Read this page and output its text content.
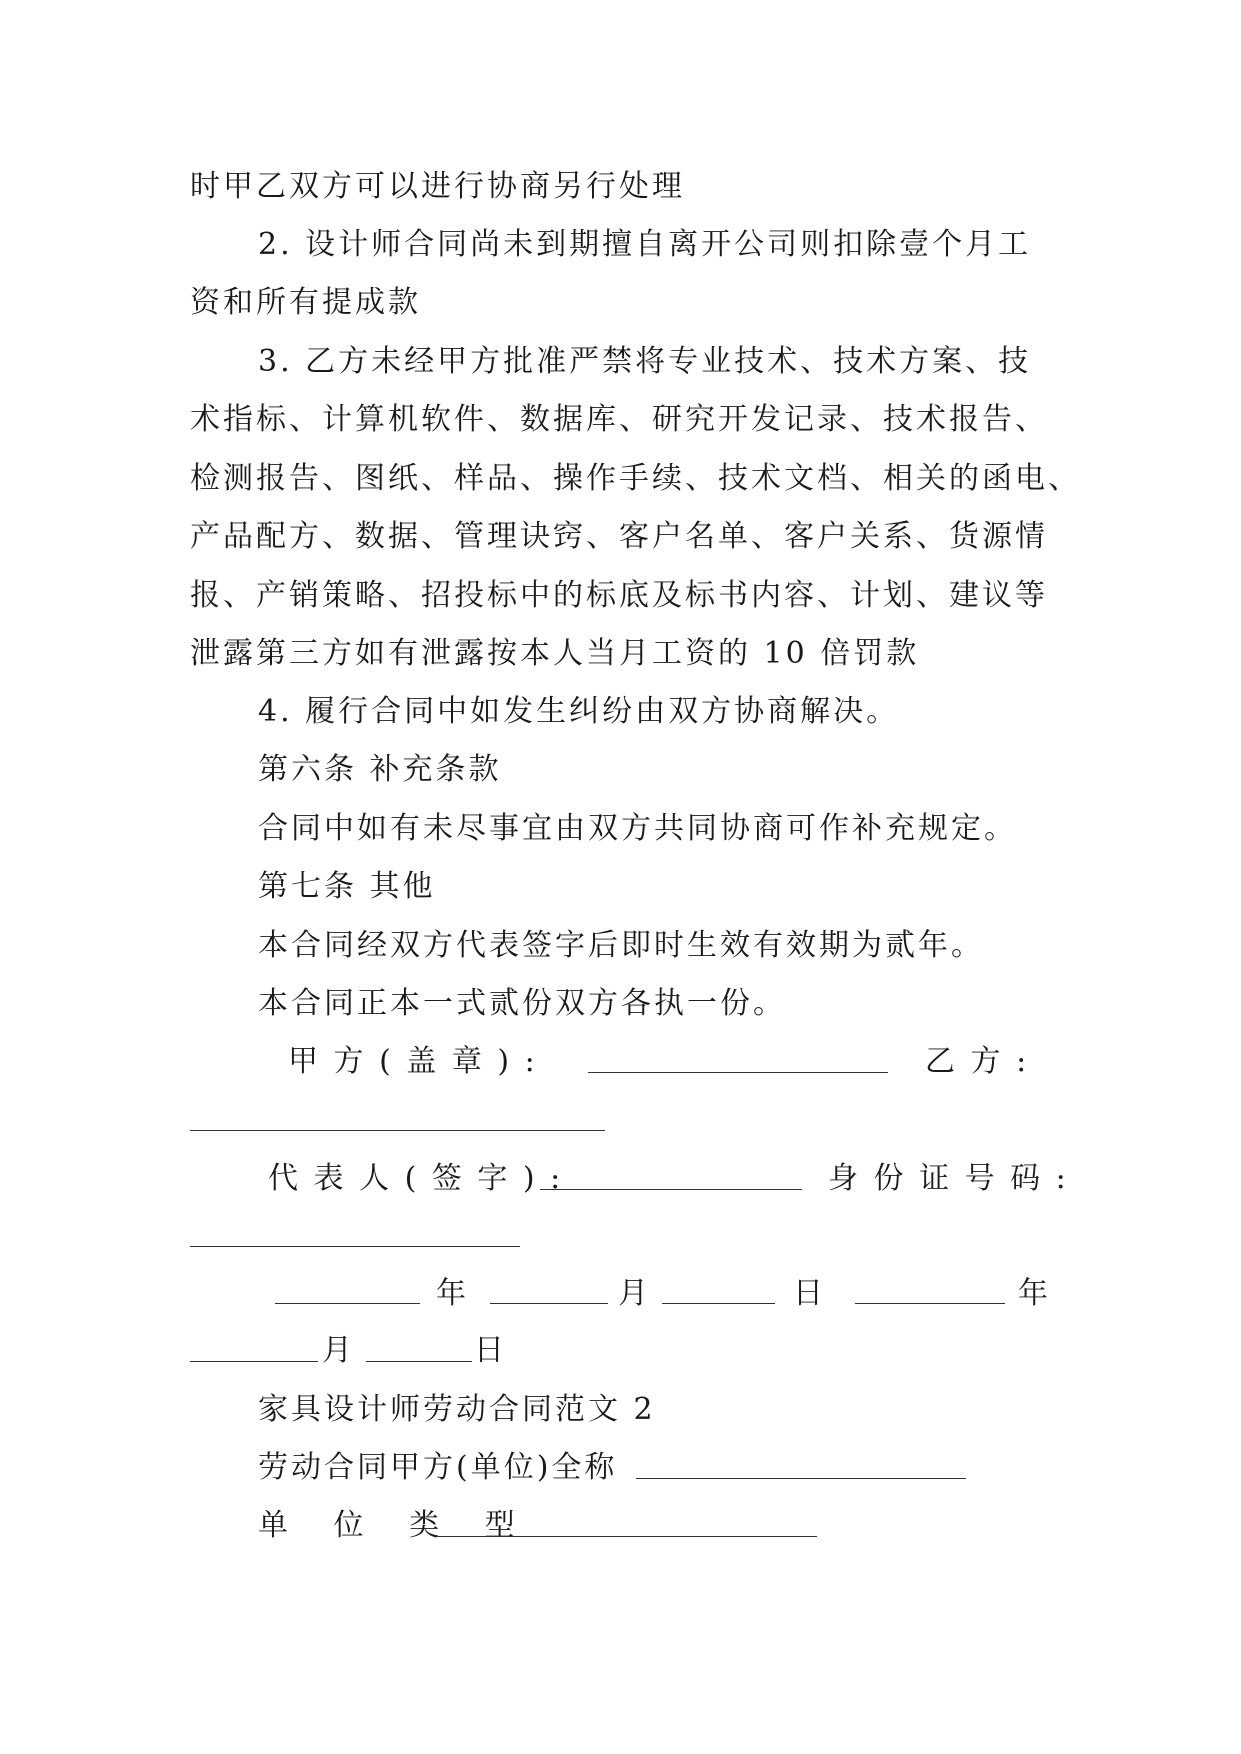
时甲乙双方可以进行协商另行处理
2. 设计师合同尚未到期擅自离开公司则扣除壹个月工
资和所有提成款
3. 乙方未经甲方批准严禁将专业技术、技术方案、技
术指标、计算机软件、数据库、研究开发记录、技术报告、
检测报告、图纸、样品、操作手续、技术文档、相关的函电、
产品配方、数据、管理诀窍、客户名单、客户关系、货源情
报、产销策略、招投标中的标底及标书内容、计划、建议等
泄露第三方如有泄露按本人当月工资的 10 倍罚款
4. 履行合同中如发生纠纷由双方协商解决。
第六条 补充条款
合同中如有未尽事宜由双方共同协商可作补充规定。
第七条 其他
本合同经双方代表签字后即时生效有效期为贰年。
本合同正本一式贰份双方各执一份。
甲 方 ( 盖 章 ) :	乙 方 :
代 表 人 ( 签 字 ) :	身 份 证 号 码 :
年	月	日	年
月	日
家具设计师劳动合同范文 2
劳动合同甲方(单位)全称
单 位 类 型
